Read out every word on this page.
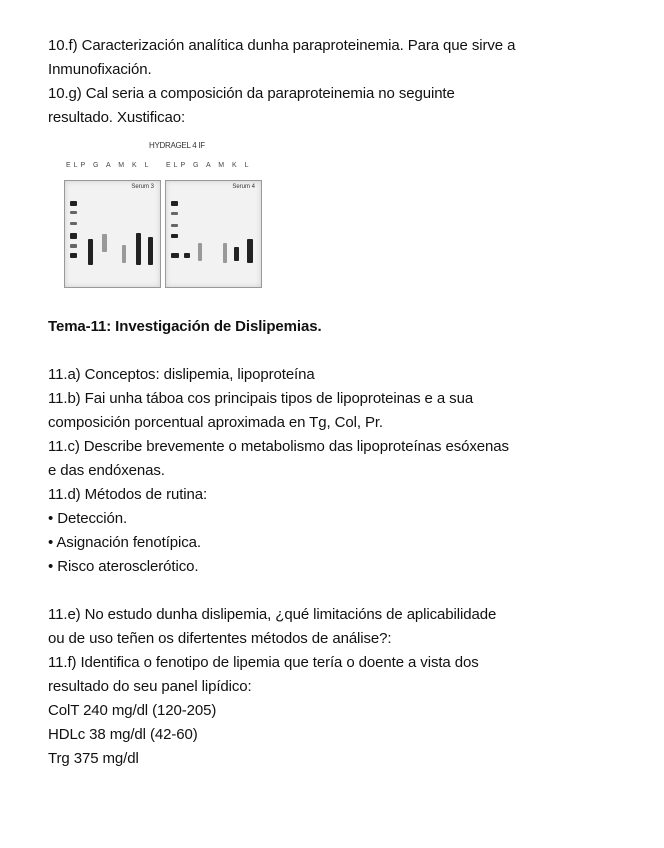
10.f) Caracterización analítica dunha paraproteinemia. Para que sirve a
Inmunofixación.
10.g) Cal seria a composición da paraproteinemia no seguinte
resultado. Xustificao:
HYDRAGEL 4 IF
ELP G A M K L ELP G A M K L
Serum 3	Serum 4
Tema-11: Investigación de Dislipemias.
11.a) Conceptos: dislipemia, lipoproteína
11.b) Fai unha táboa cos principais tipos de lipoproteinas e a sua
composición porcentual aproximada en Tg, Col, Pr.
11.c) Describe brevemente o metabolismo das lipoproteínas esóxenas
e das endóxenas.
11.d) Métodos de rutina:
• Detección.
• Asignación fenotípica.
• Risco aterosclerótico.
11.e) No estudo dunha dislipemia, ¿qué limitacións de aplicabilidade
ou de uso teñen os difertentes métodos de análise?:
11.f) Identifica o fenotipo de lipemia que tería o doente a vista dos
resultado do seu panel lipídico:
ColT 240 mg/dl (120-205)
HDLc 38 mg/dl (42-60)
Trg 375 mg/dl
